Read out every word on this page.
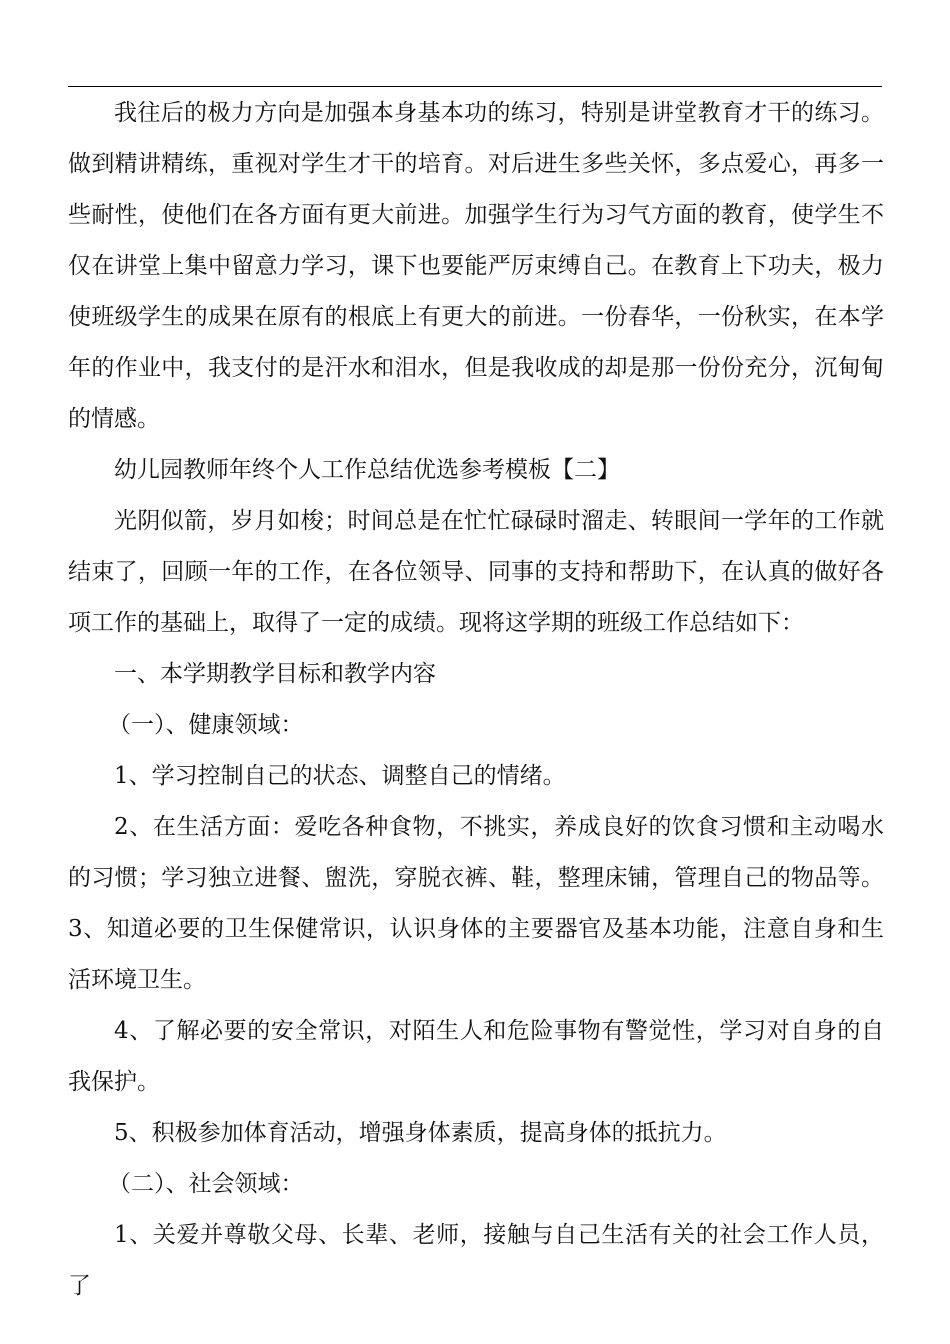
我往后的极力方向是加强本身基本功的练习，特别是讲堂教育才干的练习。做到精讲精练，重视对学生才干的培育。对后进生多些关怀，多点爱心，再多一些耐性，使他们在各方面有更大前进。加强学生行为习气方面的教育，使学生不仅在讲堂上集中留意力学习，课下也要能严厉束缚自己。在教育上下功夫，极力使班级学生的成果在原有的根底上有更大的前进。一份春华，一份秋实，在本学年的作业中，我支付的是汗水和泪水，但是我收成的却是那一份份充分，沉甸甸的情感。

幼儿园教师年终个人工作总结优选参考模板【二】

光阴似箭，岁月如梭；时间总是在忙忙碌碌时溜走、转眼间一学年的工作就结束了，回顾一年的工作，在各位领导、同事的支持和帮助下，在认真的做好各项工作的基础上，取得了一定的成绩。现将这学期的班级工作总结如下：

一、本学期教学目标和教学内容

（一）、健康领域：

1、学习控制自己的状态、调整自己的情绪。

2、在生活方面：爱吃各种食物，不挑实，养成良好的饮食习惯和主动喝水的习惯；学习独立进餐、盥洗，穿脱衣裤、鞋，整理床铺，管理自己的物品等。3、知道必要的卫生保健常识，认识身体的主要器官及基本功能，注意自身和生活环境卫生。

4、了解必要的安全常识，对陌生人和危险事物有警觉性，学习对自身的自我保护。

5、积极参加体育活动，增强身体素质，提高身体的抵抗力。

（二）、社会领域：

1、关爱并尊敬父母、长辈、老师，接触与自己生活有关的社会工作人员，了
